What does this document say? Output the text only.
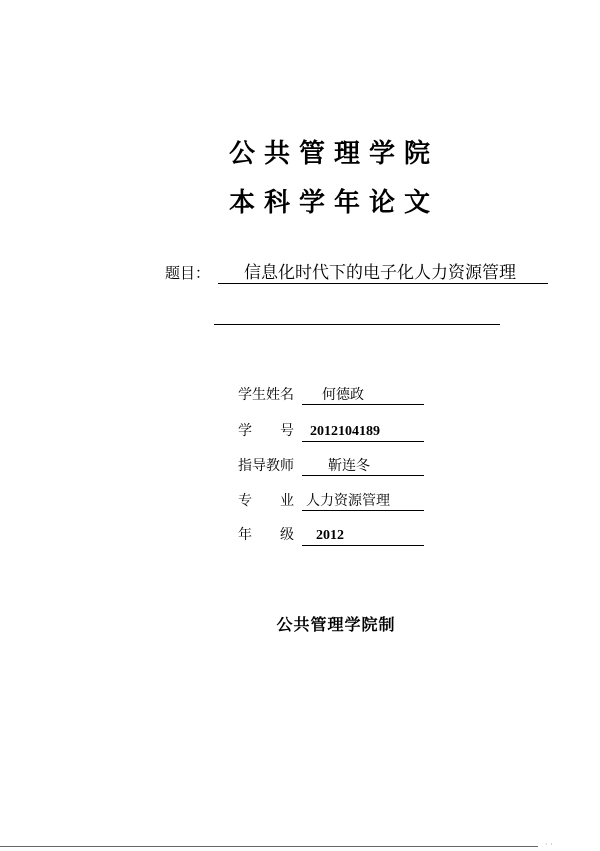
公共管理学院
本科学年论文
题目：	信息化时代下的电子化人力资源管理
学生姓名	何德政
学　　号	2012104189
指导教师	靳连冬
专　　业 人力资源管理
年　　级	2012
公共管理学院制
· ·
